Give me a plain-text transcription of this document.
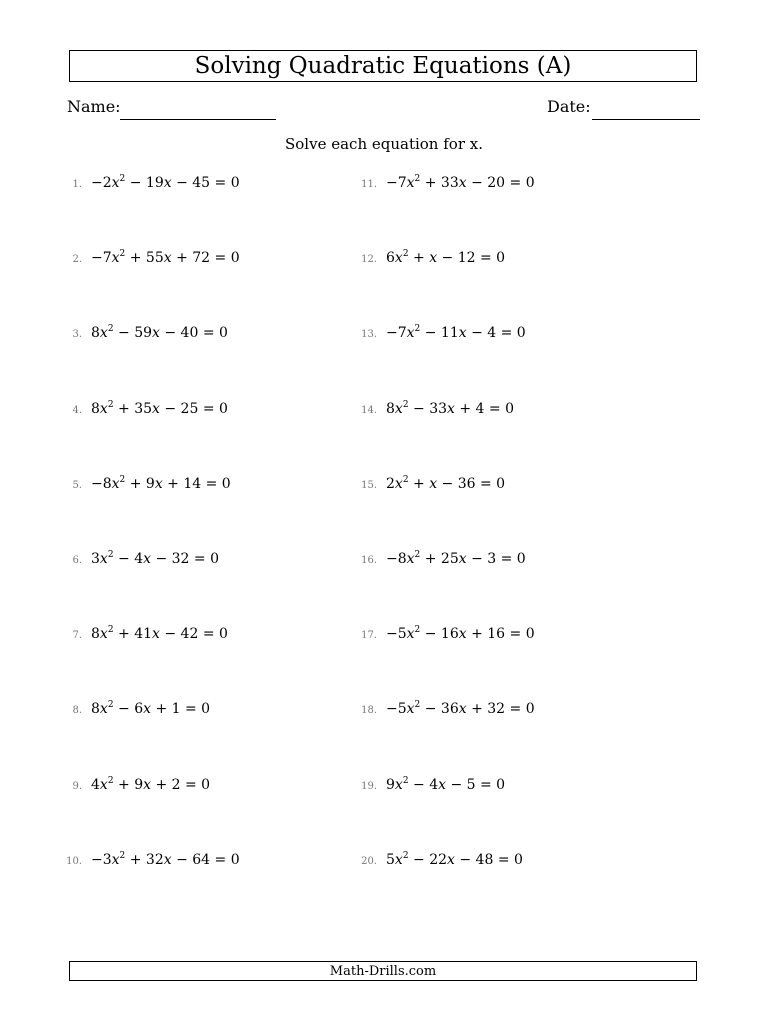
Solving Quadratic Equations (A)
Name:	Date:
Solve each equation for x.
1. $-2x^2 - 19x - 45 = 0$
2. $-7x^2 + 55x + 72 = 0$
3. $8x^2 - 59x - 40 = 0$
4. $8x^2 + 35x - 25 = 0$
5. $-8x^2 + 9x + 14 = 0$
6. $3x^2 - 4x - 32 = 0$
7. $8x^2 + 41x - 42 = 0$
8. $8x^2 - 6x + 1 = 0$
9. $4x^2 + 9x + 2 = 0$
10. $-3x^2 + 32x - 64 = 0$
11. $-7x^2 + 33x - 20 = 0$
12. $6x^2 + x - 12 = 0$
13. $-7x^2 - 11x - 4 = 0$
14. $8x^2 - 33x + 4 = 0$
15. $2x^2 + x - 36 = 0$
16. $-8x^2 + 25x - 3 = 0$
17. $-5x^2 - 16x + 16 = 0$
18. $-5x^2 - 36x + 32 = 0$
19. $9x^2 - 4x - 5 = 0$
20. $5x^2 - 22x - 48 = 0$
Math-Drills.com
